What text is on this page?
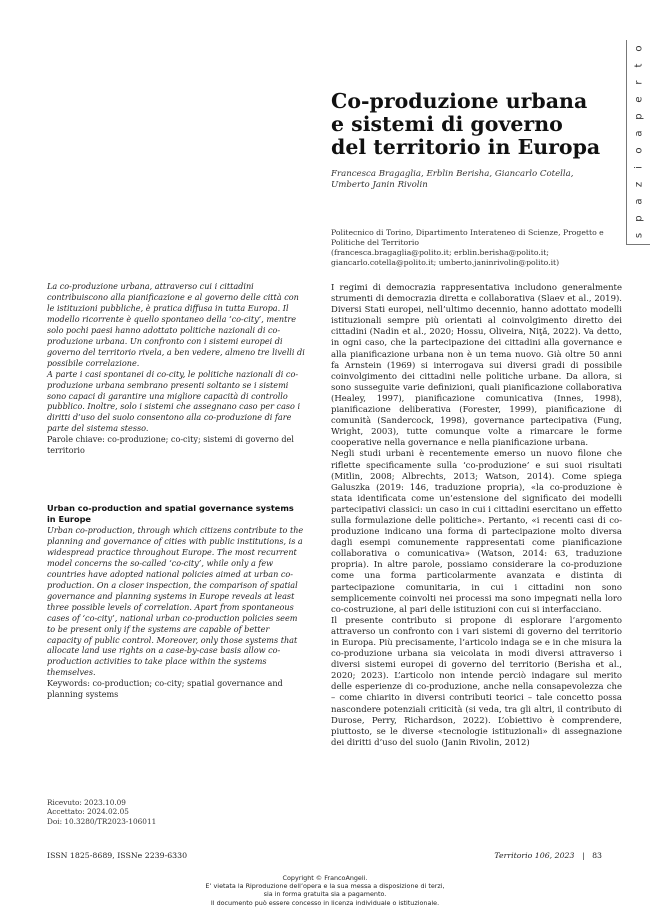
s
p
a
z
i
o
a
p
e
r
t
o
Co-produzione urbana
e sistemi di governo
del territorio in Europa
Francesca Bragaglia, Erblin Berisha, Giancarlo Cotella,
Umberto Janin Rivolin
Politecnico di Torino, Dipartimento Interateneo di Scienze, Progetto e
Politiche del Territorio
(francesca.bragaglia@polito.it; erblin.berisha@polito.it;
giancarlo.cotella@polito.it; umberto.janinrivolin@polito.it)

La co-produzione urbana, attraverso cui i cittadini contribuiscono alla pianificazione e al governo delle città con le istituzioni pubbliche, è pratica diffusa in tutta Europa. Il modello ricorrente è quello spontaneo della ‘co-city’, mentre solo pochi paesi hanno adottato politiche nazionali di co-produzione urbana. Un confronto con i sistemi europei di governo del territorio rivela, a ben vedere, almeno tre livelli di possibile correlazione.

A parte i casi spontanei di co-city, le politiche nazionali di co-produzione urbana sembrano presenti soltanto se i sistemi sono capaci di garantire una migliore capacità di controllo pubblico. Inoltre, solo i sistemi che assegnano caso per caso i diritti d’uso del suolo consentono alla co-produzione di fare parte del sistema stesso.

Parole chiave: co-produzione; co-city; sistemi di governo del territorio

Urban co-production and spatial governance systems in Europe

Urban co-production, through which citizens contribute to the planning and governance of cities with public institutions, is a widespread practice throughout Europe. The most recurrent model concerns the so-called ‘co-city’, while only a few countries have adopted national policies aimed at urban co-production. On a closer inspection, the comparison of spatial governance and planning systems in Europe reveals at least three possible levels of correlation. Apart from spontaneous cases of ‘co-city’, national urban co-production policies seem to be present only if the systems are capable of better capacity of public control. Moreover, only those systems that allocate land use rights on a case-by-case basis allow co-production activities to take place within the systems themselves.

Keywords: co-production; co-city; spatial governance and planning systems

Ricevuto: 2023.10.09
Accettato: 2024.02.05
Doi: 10.3280/TR2023-106011

I regimi di democrazia rappresentativa includono generalmente strumenti di democrazia diretta e collaborativa (Slaev et al., 2019). Diversi Stati europei, nell’ultimo decennio, hanno adottato modelli istituzionali sempre più orientati al coinvolgimento diretto dei cittadini (Nadin et al., 2020; Hossu, Oliveira, Niţă, 2022). Va detto, in ogni caso, che la partecipazione dei cittadini alla governance e alla pianificazione urbana non è un tema nuovo. Già oltre 50 anni fa Arnstein (1969) si interrogava sui diversi gradi di possibile coinvolgimento dei cittadini nelle politiche urbane. Da allora, si sono susseguite varie definizioni, quali pianificazione collaborativa (Healey, 1997), pianificazione comunicativa (Innes, 1998), pianificazione deliberativa (Forester, 1999), pianificazione di comunità (Sandercock, 1998), governance partecipativa (Fung, Wright, 2003), tutte comunque volte a rimarcare le forme cooperative nella governance e nella pianificazione urbana.

Negli studi urbani è recentemente emerso un nuovo filone che riflette specificamente sulla ‘co-produzione’ e sui suoi risultati (Mitlin, 2008; Albrechts, 2013; Watson, 2014). Come spiega Galuszka (2019: 146, traduzione propria), «la co-produzione è stata identificata come un’estensione del significato dei modelli partecipativi classici: un caso in cui i cittadini esercitano un effetto sulla formulazione delle politiche». Pertanto, «i recenti casi di co-produzione indicano una forma di partecipazione molto diversa dagli esempi comunemente rappresentati come pianificazione collaborativa o comunicativa» (Watson, 2014: 63, traduzione propria). In altre parole, possiamo considerare la co-produzione come una forma particolarmente avanzata e distinta di partecipazione comunitaria, in cui i cittadini non sono semplicemente coinvolti nei processi ma sono impegnati nella loro co-costruzione, al pari delle istituzioni con cui si interfacciano.

Il presente contributo si propone di esplorare l’argomento attraverso un confronto con i vari sistemi di governo del territorio in Europa. Più precisamente, l’articolo indaga se e in che misura la co-produzione urbana sia veicolata in modi diversi attraverso i diversi sistemi europei di governo del territorio (Berisha et al., 2020; 2023). L’articolo non intende perciò indagare sul merito delle esperienze di co-produzione, anche nella consapevolezza che – come chiarito in diversi contributi teorici – tale concetto possa nascondere potenziali criticità (si veda, tra gli altri, il contributo di Durose, Perry, Richardson, 2022). L’obiettivo è comprendere, piuttosto, se le diverse «tecnologie istituzionali» di assegnazione dei diritti d’uso del suolo (Janin Rivolin, 2012)

ISSN 1825-8689, ISSNe 2239-6330	Territorio 106, 2023 | 83
Copyright © FrancoAngeli.
E’ vietata la Riproduzione dell’opera e la sua messa a disposizione di terzi,
sia in forma gratuita sia a pagamento.
Il documento può essere concesso in licenza individuale o istituzionale.
